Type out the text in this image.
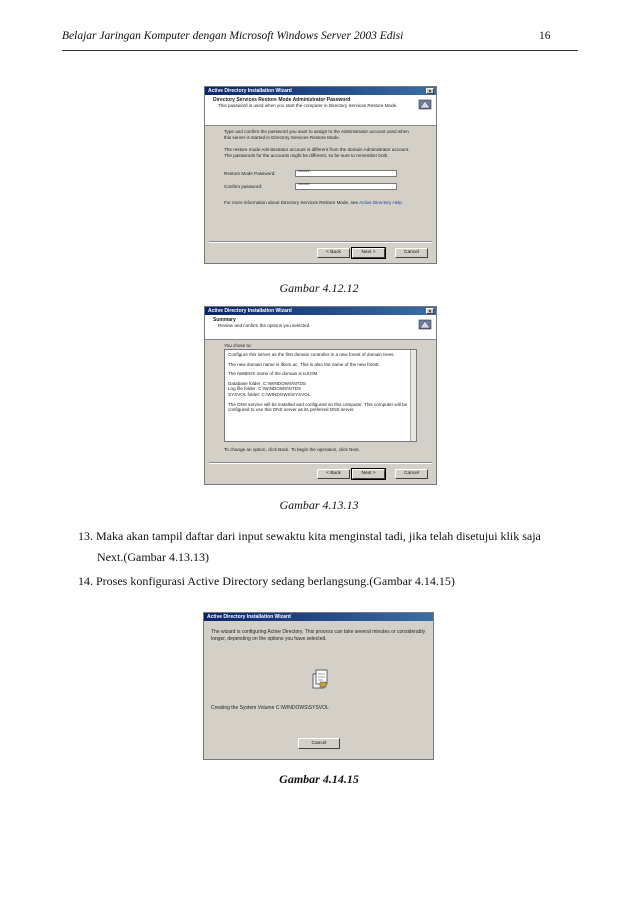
Belajar Jaringan Komputer dengan Microsoft Windows Server 2003 Edisi	16
Active Directory Installation Wizard	×
Directory Services Restore Mode Administrator Password
This password is used when you start the computer in Directory Services Restore Mode.
Type and confirm the password you want to assign to the Administrator account used when this server is started in Directory Services Restore Mode.
The restore mode Administrator account is different from the domain Administrator account. The passwords for the accounts might be different, so be sure to remember both.
Restore Mode Password:	******
Confirm password:	******
For more information about Directory Services Restore Mode, see Active Directory Help
< Back	Next >	Cancel
Gambar 4.12.12
Active Directory Installation Wizard	×
Summary
Review and confirm the options you selected.
You chose to:
Configure this server as the first domain controller in a new forest of domain trees.
The new domain name is ilkom.ac. This is also the name of the new forest.
The NetBIOS name of the domain is ILKOM
Database folder: C:\WINDOWS\NTDS
Log file folder: C:\WINDOWS\NTDS
SYSVOL folder: C:\WINDOWS\SYSVOL
The DNS service will be installed and configured on this computer. This computer will be configured to use this DNS server as its preferred DNS server.
To change an option, click Back. To begin the operation, click Next.
< Back	Next >	Cancel
Gambar 4.13.13
13. Maka akan tampil daftar dari input sewaktu kita menginstal tadi, jika telah disetujui klik saja
Next.(Gambar 4.13.13)
14. Proses konfigurasi Active Directory sedang berlangsung.(Gambar 4.14.15)
Active Directory Installation Wizard
The wizard is configuring Active Directory. This process can take several minutes or considerably longer, depending on the options you have selected.
Creating the System Volume C:\WINDOWS\SYSVOL
Cancel
Gambar 4.14.15
